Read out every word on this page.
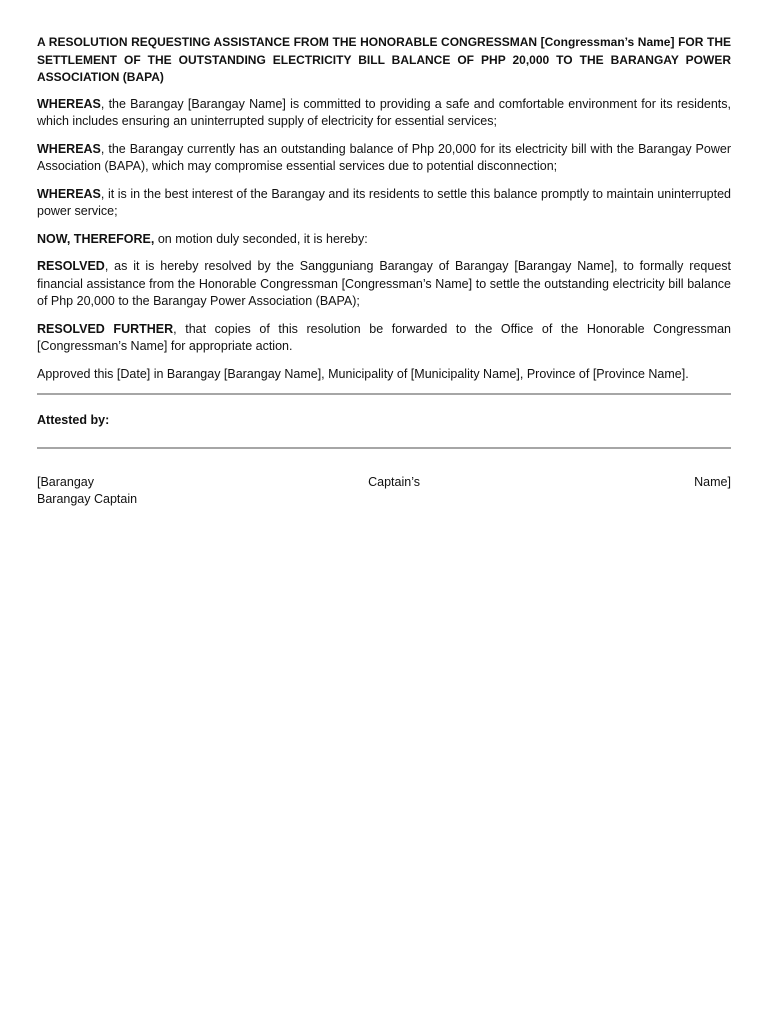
A RESOLUTION REQUESTING ASSISTANCE FROM THE HONORABLE CONGRESSMAN [Congressman’s Name] FOR THE SETTLEMENT OF THE OUTSTANDING ELECTRICITY BILL BALANCE OF PHP 20,000 TO THE BARANGAY POWER ASSOCIATION (BAPA)

WHEREAS, the Barangay [Barangay Name] is committed to providing a safe and comfortable environment for its residents, which includes ensuring an uninterrupted supply of electricity for essential services;

WHEREAS, the Barangay currently has an outstanding balance of Php 20,000 for its electricity bill with the Barangay Power Association (BAPA), which may compromise essential services due to potential disconnection;

WHEREAS, it is in the best interest of the Barangay and its residents to settle this balance promptly to maintain uninterrupted power service;

NOW, THEREFORE, on motion duly seconded, it is hereby:

RESOLVED, as it is hereby resolved by the Sangguniang Barangay of Barangay [Barangay Name], to formally request financial assistance from the Honorable Congressman [Congressman’s Name] to settle the outstanding electricity bill balance of Php 20,000 to the Barangay Power Association (BAPA);

RESOLVED FURTHER, that copies of this resolution be forwarded to the Office of the Honorable Congressman [Congressman’s Name] for appropriate action.

Approved this [Date] in Barangay [Barangay Name], Municipality of [Municipality Name], Province of [Province Name].

Attested by:
[Barangay	Captain’s	Name]
Barangay Captain
